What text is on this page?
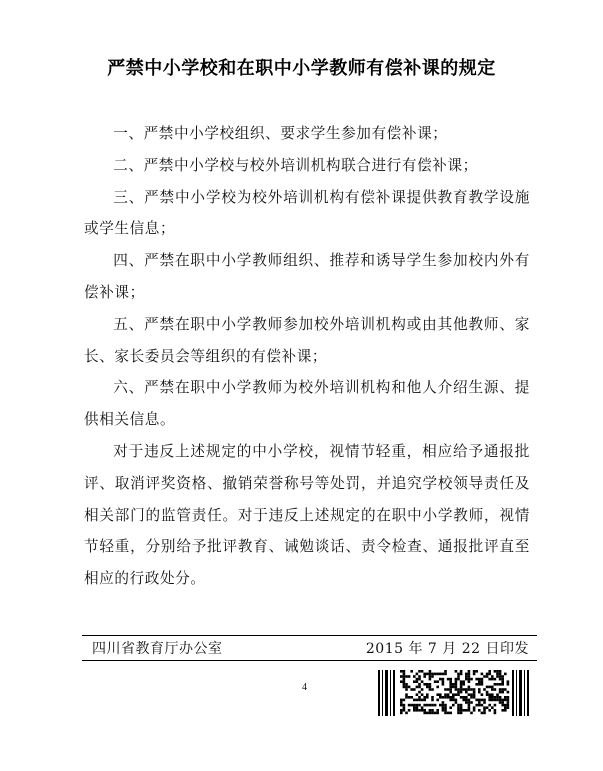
严禁中小学校和在职中小学教师有偿补课的规定

一、严禁中小学校组织、要求学生参加有偿补课；

二、严禁中小学校与校外培训机构联合进行有偿补课；

三、严禁中小学校为校外培训机构有偿补课提供教育教学设施或学生信息；

四、严禁在职中小学教师组织、推荐和诱导学生参加校内外有偿补课；

五、严禁在职中小学教师参加校外培训机构或由其他教师、家长、家长委员会等组织的有偿补课；

六、严禁在职中小学教师为校外培训机构和他人介绍生源、提供相关信息。

对于违反上述规定的中小学校，视情节轻重，相应给予通报批评、取消评奖资格、撤销荣誉称号等处罚，并追究学校领导责任及相关部门的监管责任。对于违反上述规定的在职中小学教师，视情节轻重，分别给予批评教育、诫勉谈话、责令检查、通报批评直至相应的行政处分。

四川省教育厅办公室	2015 年 7 月 22 日印发
4
